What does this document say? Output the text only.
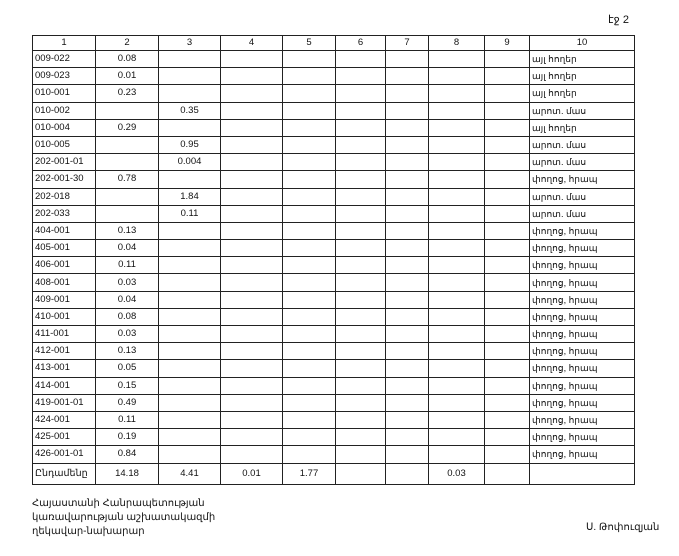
էջ 2
1	2	3	4	5	6	7	8	9	10
009-022	0.08								այլ հողեր
009-023	0.01								այլ հողեր
010-001	0.23								այլ հողեր
010-002		0.35							արոտ. մաս
010-004	0.29								այլ հողեր
010-005		0.95							արոտ. մաս
202-001-01		0.004							արոտ. մաս
202-001-30	0.78								փողոց, հրապ
202-018		1.84							արոտ. մաս
202-033		0.11							արոտ. մաս
404-001	0.13								փողոց, հրապ
405-001	0.04								փողոց, հրապ
406-001	0.11								փողոց, հրապ
408-001	0.03								փողոց, հրապ
409-001	0.04								փողոց, հրապ
410-001	0.08								փողոց, հրապ
411-001	0.03								փողոց, հրապ
412-001	0.13								փողոց, հրապ
413-001	0.05								փողոց, հրապ
414-001	0.15								փողոց, հրապ
419-001-01	0.49								փողոց, հրապ
424-001	0.11								փողոց, հրապ
425-001	0.19								փողոց, հրապ
426-001-01	0.84								փողոց, հրապ
Ընդամենը	14.18	4.41	0.01	1.77			0.03		
Հայաստանի Հանրապետության
կառավարության աշխատակազմի
ղեկավար-նախարար	Ս. Թոփուզյան
